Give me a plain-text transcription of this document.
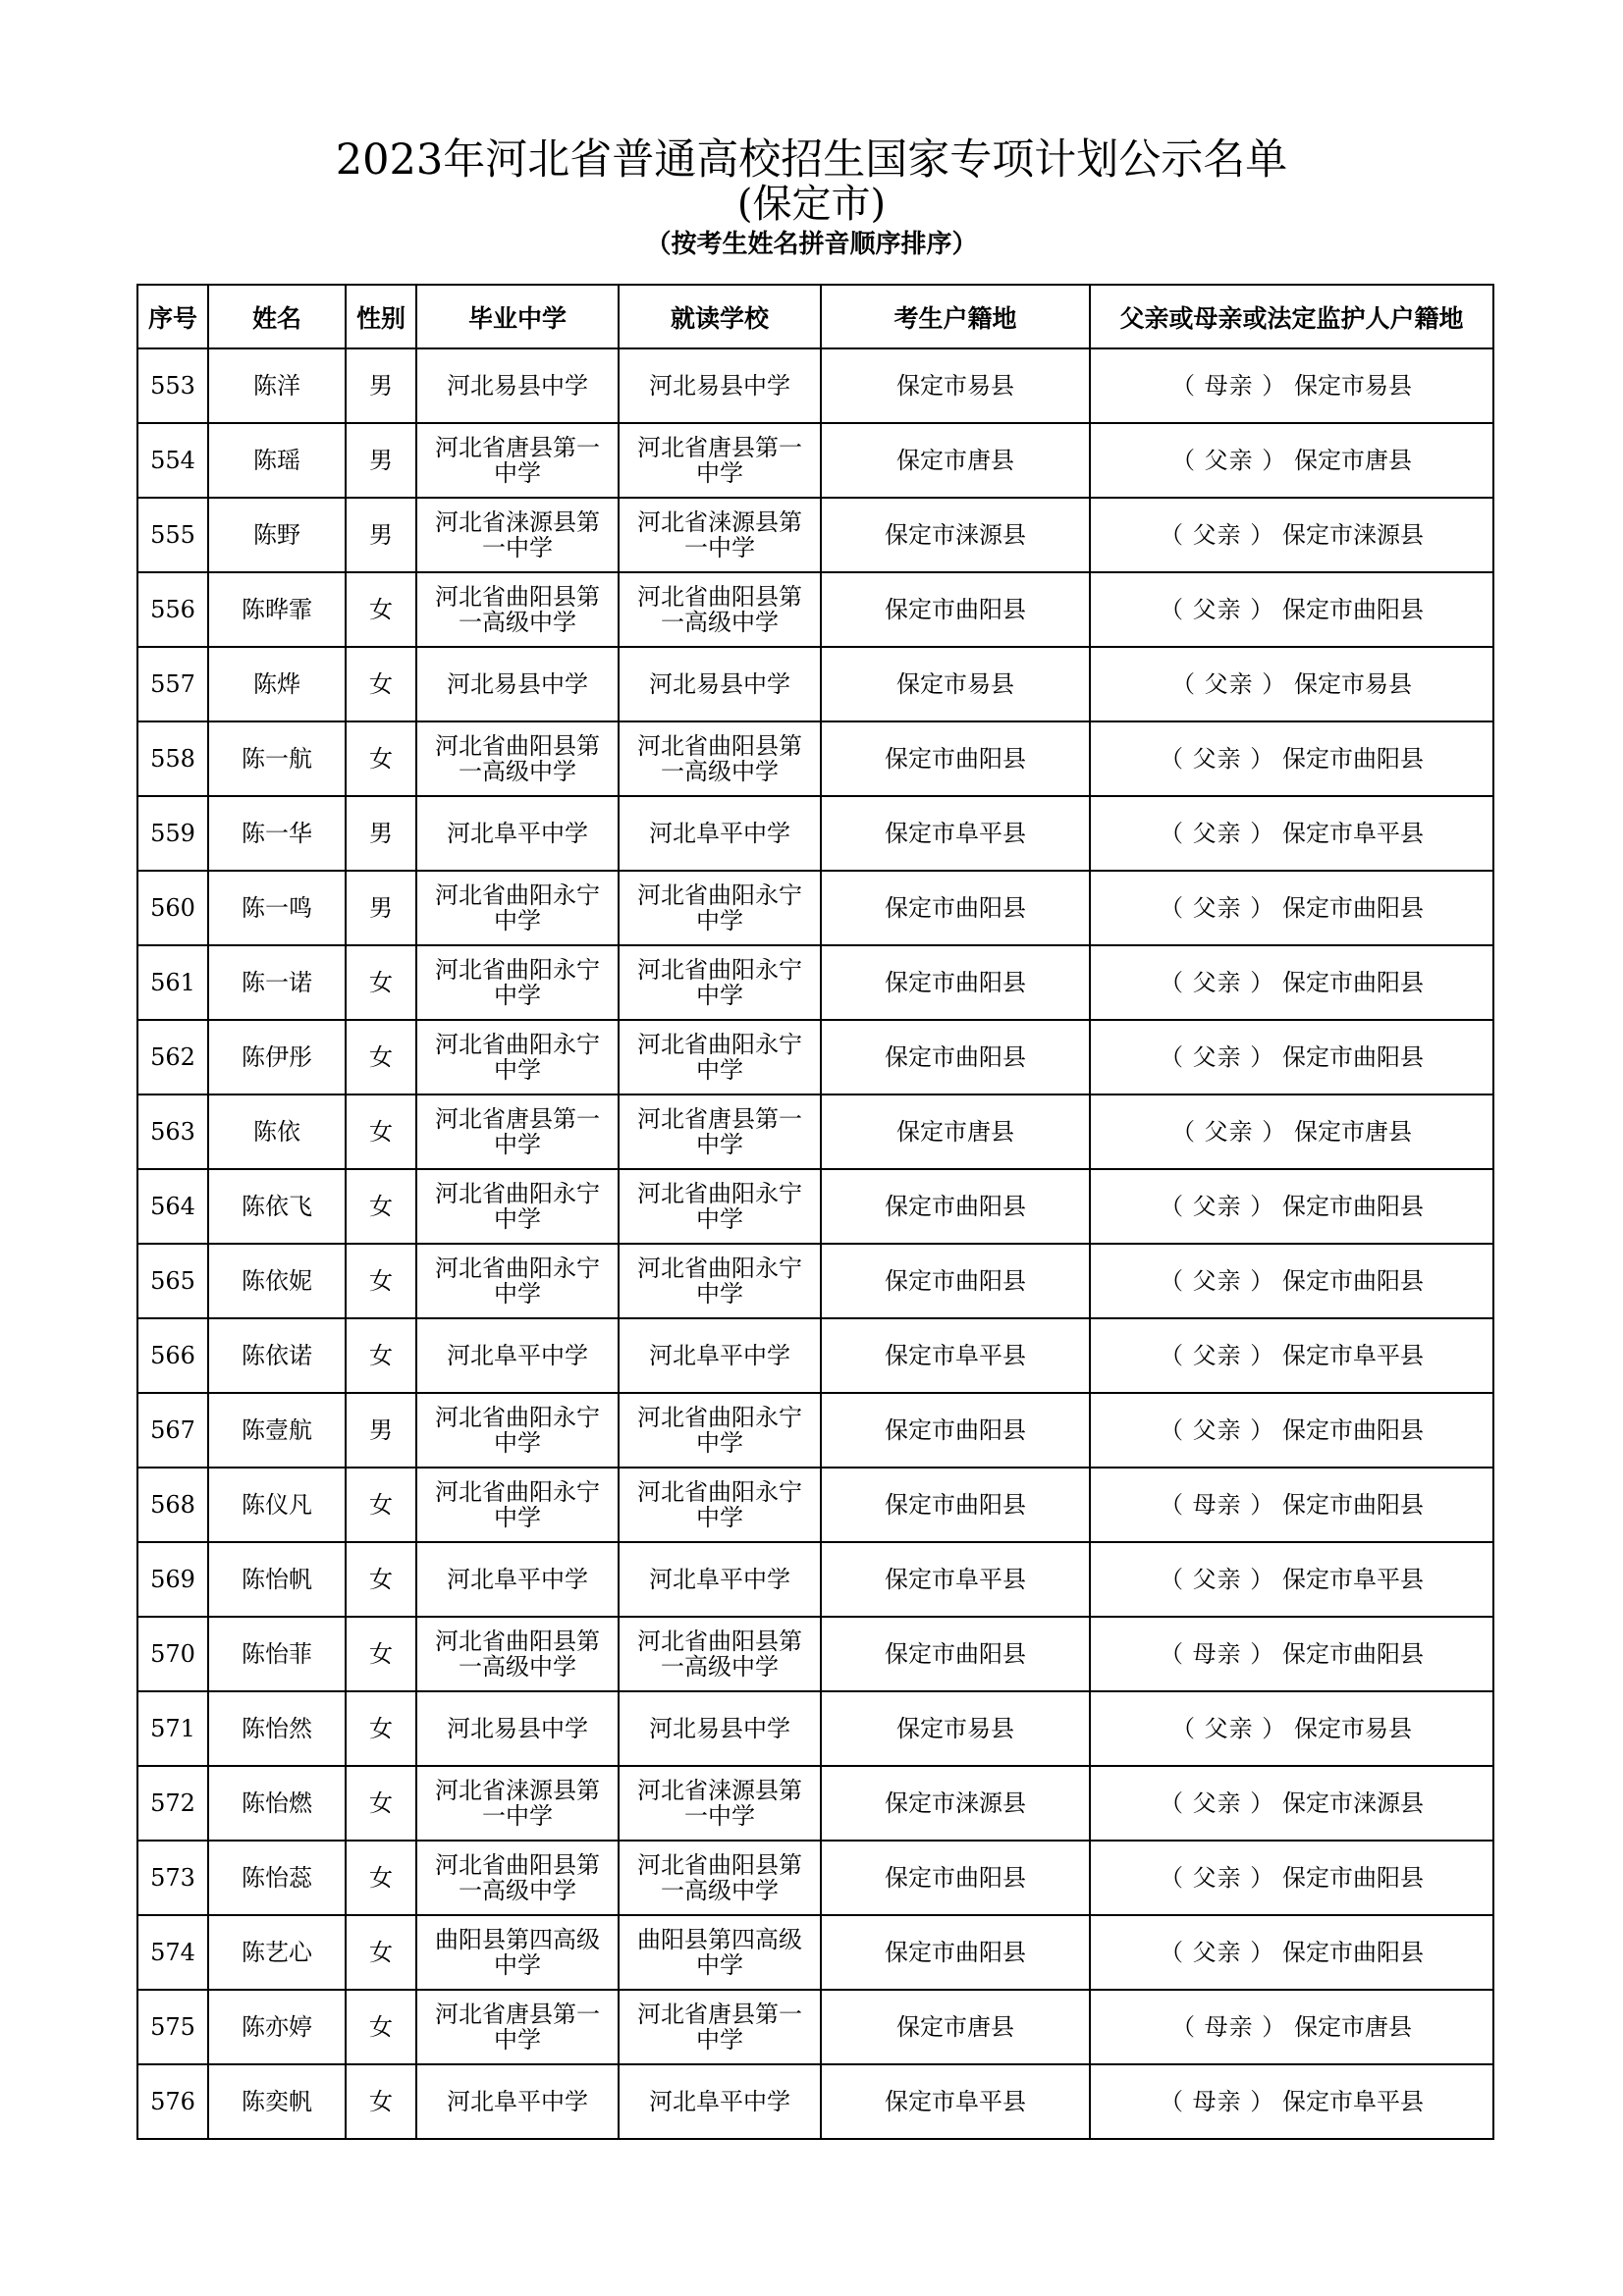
2023年河北省普通高校招生国家专项计划公示名单
(保定市)
（按考生姓名拼音顺序排序）
序号	姓名	性别	毕业中学	就读学校	考生户籍地	父亲或母亲或法定监护人户籍地
553	陈洋	男	河北易县中学	河北易县中学	保定市易县	（ 母亲 ） 保定市易县
554	陈瑶	男	河北省唐县第一
中学	河北省唐县第一
中学	保定市唐县	（ 父亲 ） 保定市唐县
555	陈野	男	河北省涞源县第
一中学	河北省涞源县第
一中学	保定市涞源县	（ 父亲 ） 保定市涞源县
556	陈晔霏	女	河北省曲阳县第
一高级中学	河北省曲阳县第
一高级中学	保定市曲阳县	（ 父亲 ） 保定市曲阳县
557	陈烨	女	河北易县中学	河北易县中学	保定市易县	（ 父亲 ） 保定市易县
558	陈一航	女	河北省曲阳县第
一高级中学	河北省曲阳县第
一高级中学	保定市曲阳县	（ 父亲 ） 保定市曲阳县
559	陈一华	男	河北阜平中学	河北阜平中学	保定市阜平县	（ 父亲 ） 保定市阜平县
560	陈一鸣	男	河北省曲阳永宁
中学	河北省曲阳永宁
中学	保定市曲阳县	（ 父亲 ） 保定市曲阳县
561	陈一诺	女	河北省曲阳永宁
中学	河北省曲阳永宁
中学	保定市曲阳县	（ 父亲 ） 保定市曲阳县
562	陈伊彤	女	河北省曲阳永宁
中学	河北省曲阳永宁
中学	保定市曲阳县	（ 父亲 ） 保定市曲阳县
563	陈依	女	河北省唐县第一
中学	河北省唐县第一
中学	保定市唐县	（ 父亲 ） 保定市唐县
564	陈依飞	女	河北省曲阳永宁
中学	河北省曲阳永宁
中学	保定市曲阳县	（ 父亲 ） 保定市曲阳县
565	陈依妮	女	河北省曲阳永宁
中学	河北省曲阳永宁
中学	保定市曲阳县	（ 父亲 ） 保定市曲阳县
566	陈依诺	女	河北阜平中学	河北阜平中学	保定市阜平县	（ 父亲 ） 保定市阜平县
567	陈壹航	男	河北省曲阳永宁
中学	河北省曲阳永宁
中学	保定市曲阳县	（ 父亲 ） 保定市曲阳县
568	陈仪凡	女	河北省曲阳永宁
中学	河北省曲阳永宁
中学	保定市曲阳县	（ 母亲 ） 保定市曲阳县
569	陈怡帆	女	河北阜平中学	河北阜平中学	保定市阜平县	（ 父亲 ） 保定市阜平县
570	陈怡菲	女	河北省曲阳县第
一高级中学	河北省曲阳县第
一高级中学	保定市曲阳县	（ 母亲 ） 保定市曲阳县
571	陈怡然	女	河北易县中学	河北易县中学	保定市易县	（ 父亲 ） 保定市易县
572	陈怡燃	女	河北省涞源县第
一中学	河北省涞源县第
一中学	保定市涞源县	（ 父亲 ） 保定市涞源县
573	陈怡蕊	女	河北省曲阳县第
一高级中学	河北省曲阳县第
一高级中学	保定市曲阳县	（ 父亲 ） 保定市曲阳县
574	陈艺心	女	曲阳县第四高级
中学	曲阳县第四高级
中学	保定市曲阳县	（ 父亲 ） 保定市曲阳县
575	陈亦婷	女	河北省唐县第一
中学	河北省唐县第一
中学	保定市唐县	（ 母亲 ） 保定市唐县
576	陈奕帆	女	河北阜平中学	河北阜平中学	保定市阜平县	（ 母亲 ） 保定市阜平县
